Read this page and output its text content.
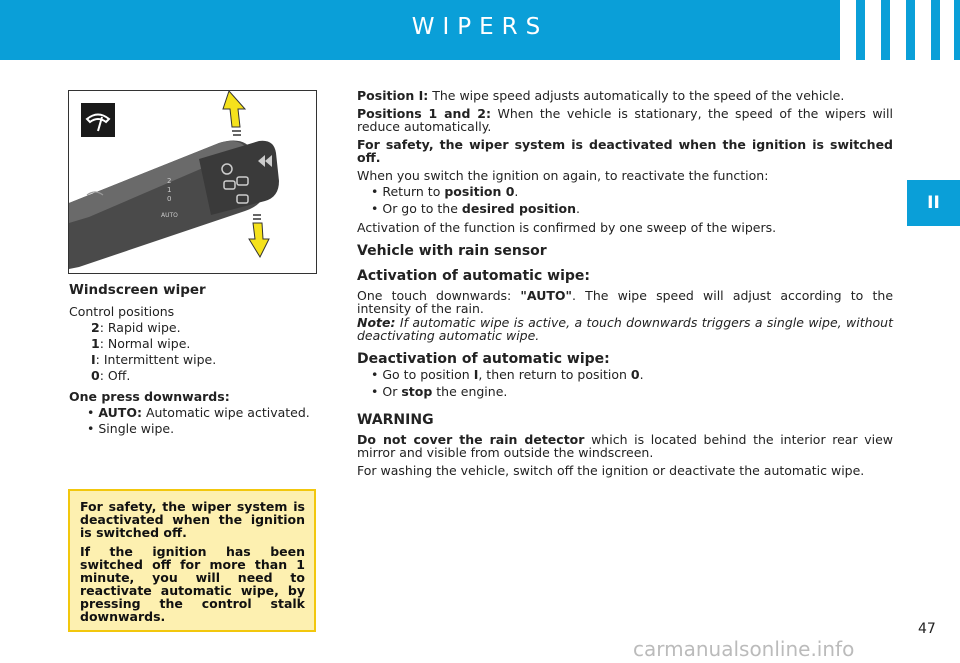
WIPERS
II
2
1
0
AUTO
Windscreen wiper

Control positions

2: Rapid wipe.

1: Normal wipe.

I: Intermittent wipe.

0: Off.

One press downwards:

• AUTO: Automatic wipe activated.

• Single wipe.

For safety, the wiper system is deactivated when the ignition is switched off.

If the ignition has been switched off for more than 1 minute, you will need to reactivate automatic wipe, by pressing the control stalk downwards.

Position I: The wipe speed adjusts automatically to the speed of the vehicle.

Positions 1 and 2: When the vehicle is stationary, the speed of the wipers will reduce automatically.

For safety, the wiper system is deactivated when the ignition is switched off.

When you switch the ignition on again, to reactivate the function:

• Return to position 0.

• Or go to the desired position.

Activation of the function is confirmed by one sweep of the wipers.

Vehicle with rain sensor
Activation of automatic wipe:

One touch downwards: "AUTO". The wipe speed will adjust according to the intensity of the rain.

Note: If automatic wipe is active, a touch downwards triggers a single wipe, without deactivating automatic wipe.

Deactivation of automatic wipe:

• Go to position I, then return to position 0.

• Or stop the engine.

WARNING

Do not cover the rain detector which is located behind the interior rear view mirror and visible from outside the windscreen.

For washing the vehicle, switch off the ignition or deactivate the automatic wipe.

47
carmanualsonline.info
